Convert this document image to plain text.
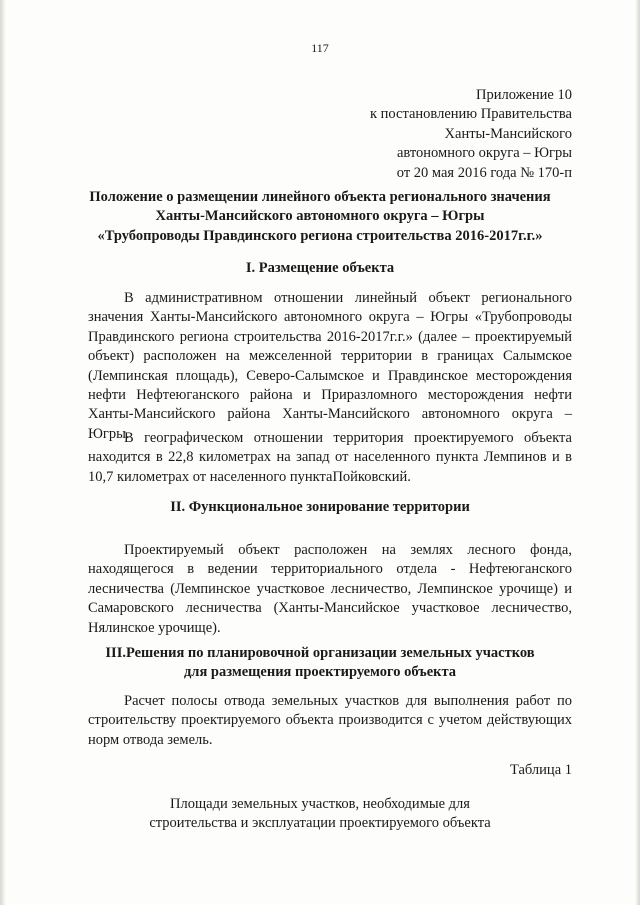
117
Приложение 10
к постановлению Правительства
Ханты-Мансийского
автономного округа – Югры
от 20 мая 2016 года № 170-п
Положение о размещении линейного объекта регионального значения
Ханты-Мансийского автономного округа – Югры
«Трубопроводы Правдинского региона строительства 2016-2017г.г.»
I. Размещение объекта

В административном отношении линейный объект регионального значения Ханты-Мансийского автономного округа – Югры «Трубопроводы Правдинского региона строительства 2016-2017г.г.» (далее – проектируемый объект) расположен на межселенной территории в границах Салымское (Лемпинская площадь), Северо-Салымское и Правдинское месторождения нефти Нефтеюганского района и Приразломного месторождения нефти Ханты-Мансийского района Ханты-Мансийского автономного округа – Югры.

В географическом отношении территория проектируемого объекта находится в 22,8 километрах на запад от населенного пункта Лемпинов и в 10,7 километрах от населенного пунктаПойковский.

II. Функциональное зонирование территории

Проектируемый объект расположен на землях лесного фонда, находящегося в ведении территориального отдела - Нефтеюганского лесничества (Лемпинское участковое лесничество, Лемпинское урочище) и Самаровского лесничества (Ханты-Мансийское участковое лесничество, Нялинское урочище).

III.Решения по планировочной организации земельных участков
для размещения проектируемого объекта

Расчет полосы отвода земельных участков для выполнения работ по строительству проектируемого объекта производится с учетом действующих норм отвода земель.

Таблица 1
Площади земельных участков, необходимые для
строительства и эксплуатации проектируемого объекта
